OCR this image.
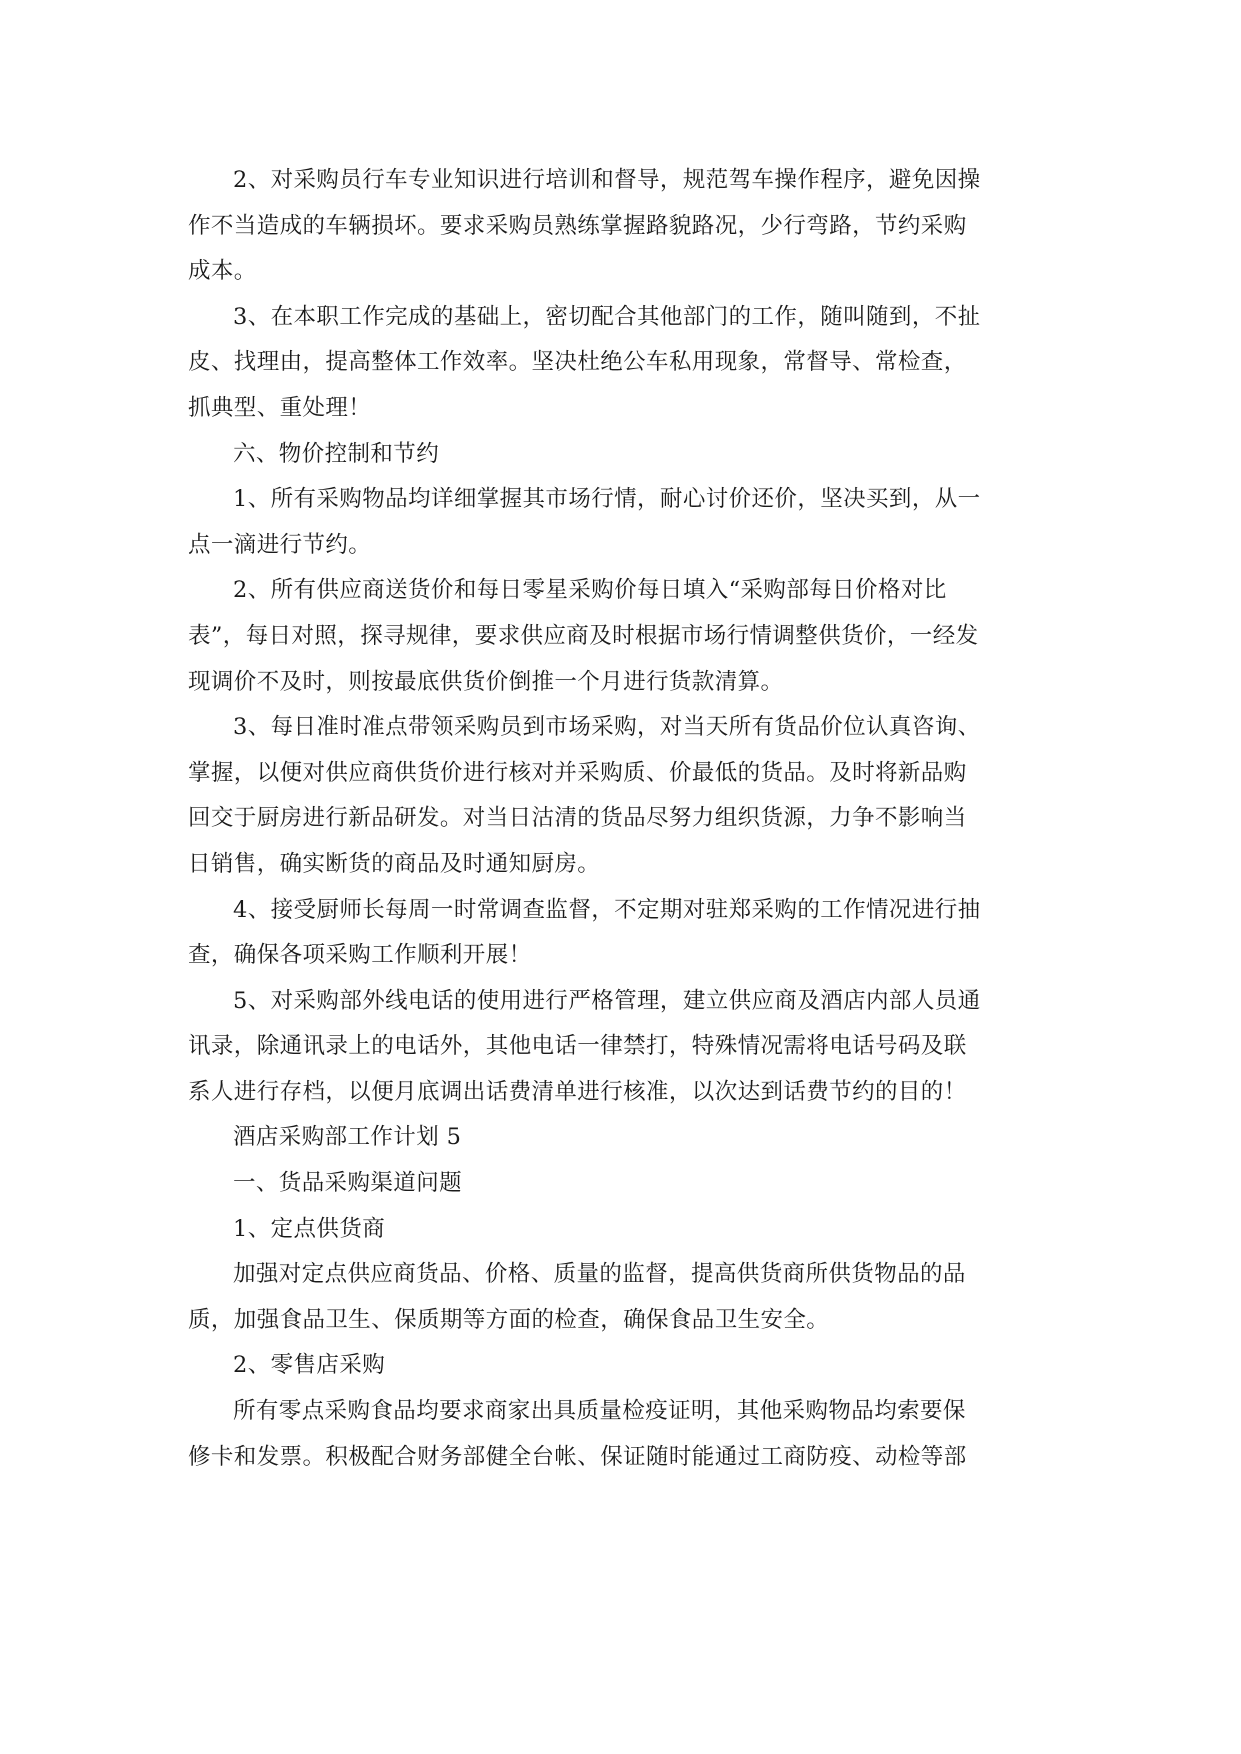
2、对采购员行车专业知识进行培训和督导，规范驾车操作程序，避免因操
作不当造成的车辆损坏。要求采购员熟练掌握路貌路况，少行弯路，节约采购
成本。

3、在本职工作完成的基础上，密切配合其他部门的工作，随叫随到，不扯
皮、找理由，提高整体工作效率。坚决杜绝公车私用现象，常督导、常检查，
抓典型、重处理！

六、物价控制和节约

1、所有采购物品均详细掌握其市场行情，耐心讨价还价，坚决买到，从一
点一滴进行节约。

2、所有供应商送货价和每日零星采购价每日填入“采购部每日价格对比
表”，每日对照，探寻规律，要求供应商及时根据市场行情调整供货价，一经发
现调价不及时，则按最底供货价倒推一个月进行货款清算。

3、每日准时准点带领采购员到市场采购，对当天所有货品价位认真咨询、
掌握，以便对供应商供货价进行核对并采购质、价最低的货品。及时将新品购
回交于厨房进行新品研发。对当日沽清的货品尽努力组织货源，力争不影响当
日销售，确实断货的商品及时通知厨房。

4、接受厨师长每周一时常调查监督，不定期对驻郑采购的工作情况进行抽
查，确保各项采购工作顺利开展！

5、对采购部外线电话的使用进行严格管理，建立供应商及酒店内部人员通
讯录，除通讯录上的电话外，其他电话一律禁打，特殊情况需将电话号码及联
系人进行存档，以便月底调出话费清单进行核准，以次达到话费节约的目的！

酒店采购部工作计划 5

一、货品采购渠道问题

1、定点供货商

加强对定点供应商货品、价格、质量的监督，提高供货商所供货物品的品
质，加强食品卫生、保质期等方面的检查，确保食品卫生安全。

2、零售店采购

所有零点采购食品均要求商家出具质量检疫证明，其他采购物品均索要保
修卡和发票。积极配合财务部健全台帐、保证随时能通过工商防疫、动检等部
